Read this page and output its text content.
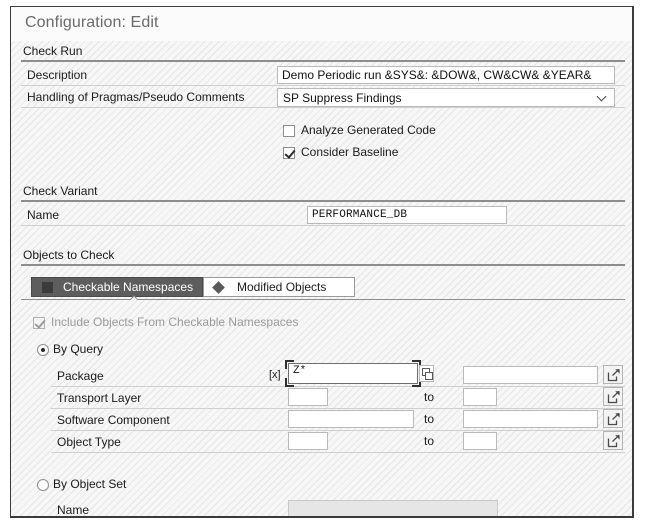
Configuration: Edit
Check Run
Description	Demo Periodic run &SYS&: &DOW&, CW&CW& &YEAR&
Handling of Pragmas/Pseudo Comments	SP Suppress Findings
Analyze Generated Code
Consider Baseline
Check Variant
Name	PERFORMANCE_DB
Objects to Check
Checkable Namespaces	Modified Objects
Include Objects From Checkable Namespaces
By Query
Package	[x]	Z*
Transport Layer	to
Software Component	to
Object Type	to
By Object Set
Name
